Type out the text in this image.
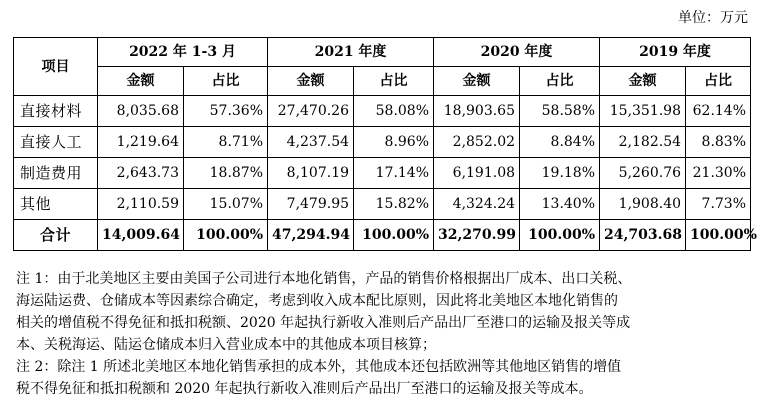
单位：万元
项目	2022 年 1-3 月		2021 年度		2020 年度		2019 年度	
	金额	占比	金额	占比	金额	占比	金额	占比
直接材料	8,035.68	57.36%	27,470.26	58.08%	18,903.65	58.58%	15,351.98	62.14%
直接人工	1,219.64	8.71%	4,237.54	8.96%	2,852.02	8.84%	2,182.54	8.83%
制造费用	2,643.73	18.87%	8,107.19	17.14%	6,191.08	19.18%	5,260.76	21.30%
其他	2,110.59	15.07%	7,479.95	15.82%	4,324.24	13.40%	1,908.40	7.73%
合计	14,009.64	100.00%	47,294.94	100.00%	32,270.99	100.00%	24,703.68	100.00%

注 1：由于北美地区主要由美国子公司进行本地化销售，产品的销售价格根据出厂成本、出口关税、

海运陆运费、仓储成本等因素综合确定，考虑到收入成本配比原则，因此将北美地区本地化销售的

相关的增值税不得免征和抵扣税额、2020 年起执行新收入准则后产品出厂至港口的运输及报关等成

本、关税海运、陆运仓储成本归入营业成本中的其他成本项目核算；

注 2：除注 1 所述北美地区本地化销售承担的成本外，其他成本还包括欧洲等其他地区销售的增值

税不得免征和抵扣税额和 2020 年起执行新收入准则后产品出厂至港口的运输及报关等成本。
